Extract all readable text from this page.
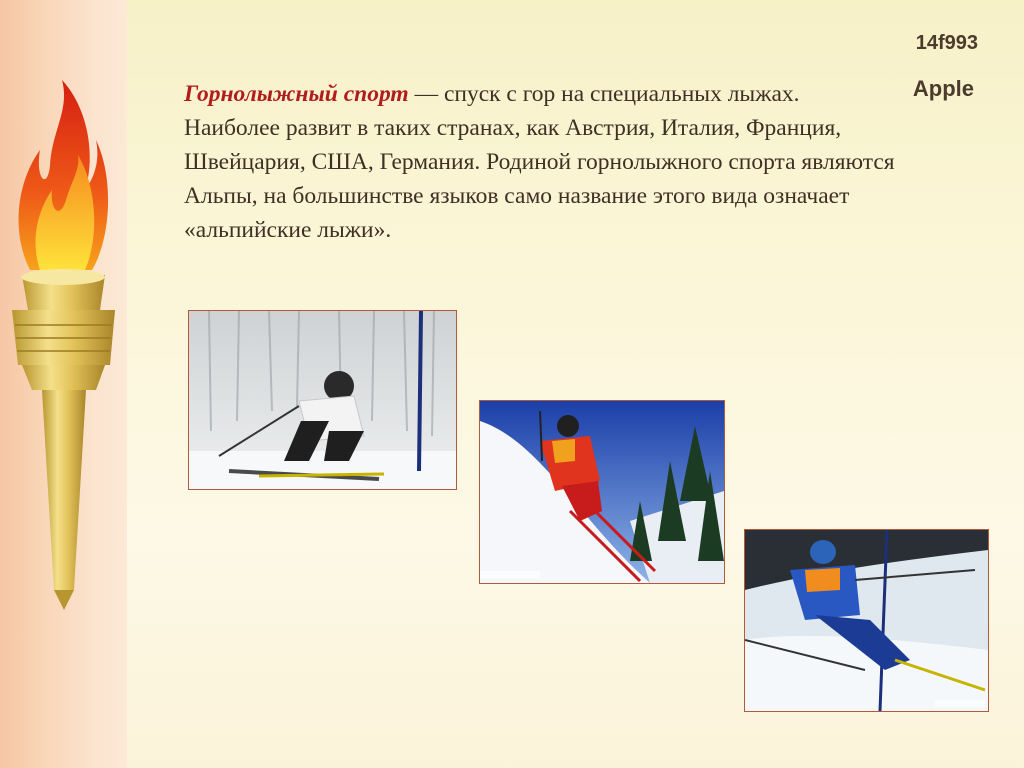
14f993
Apple
Горнолыжный спорт — спуск с гор на специальных лыжах. Наиболее развит в таких странах, как Австрия, Италия, Франция, Швейцария, США, Германия. Родиной горнолыжного спорта являются Альпы, на большинстве языков само название этого вида означает «альпийские лыжи».
